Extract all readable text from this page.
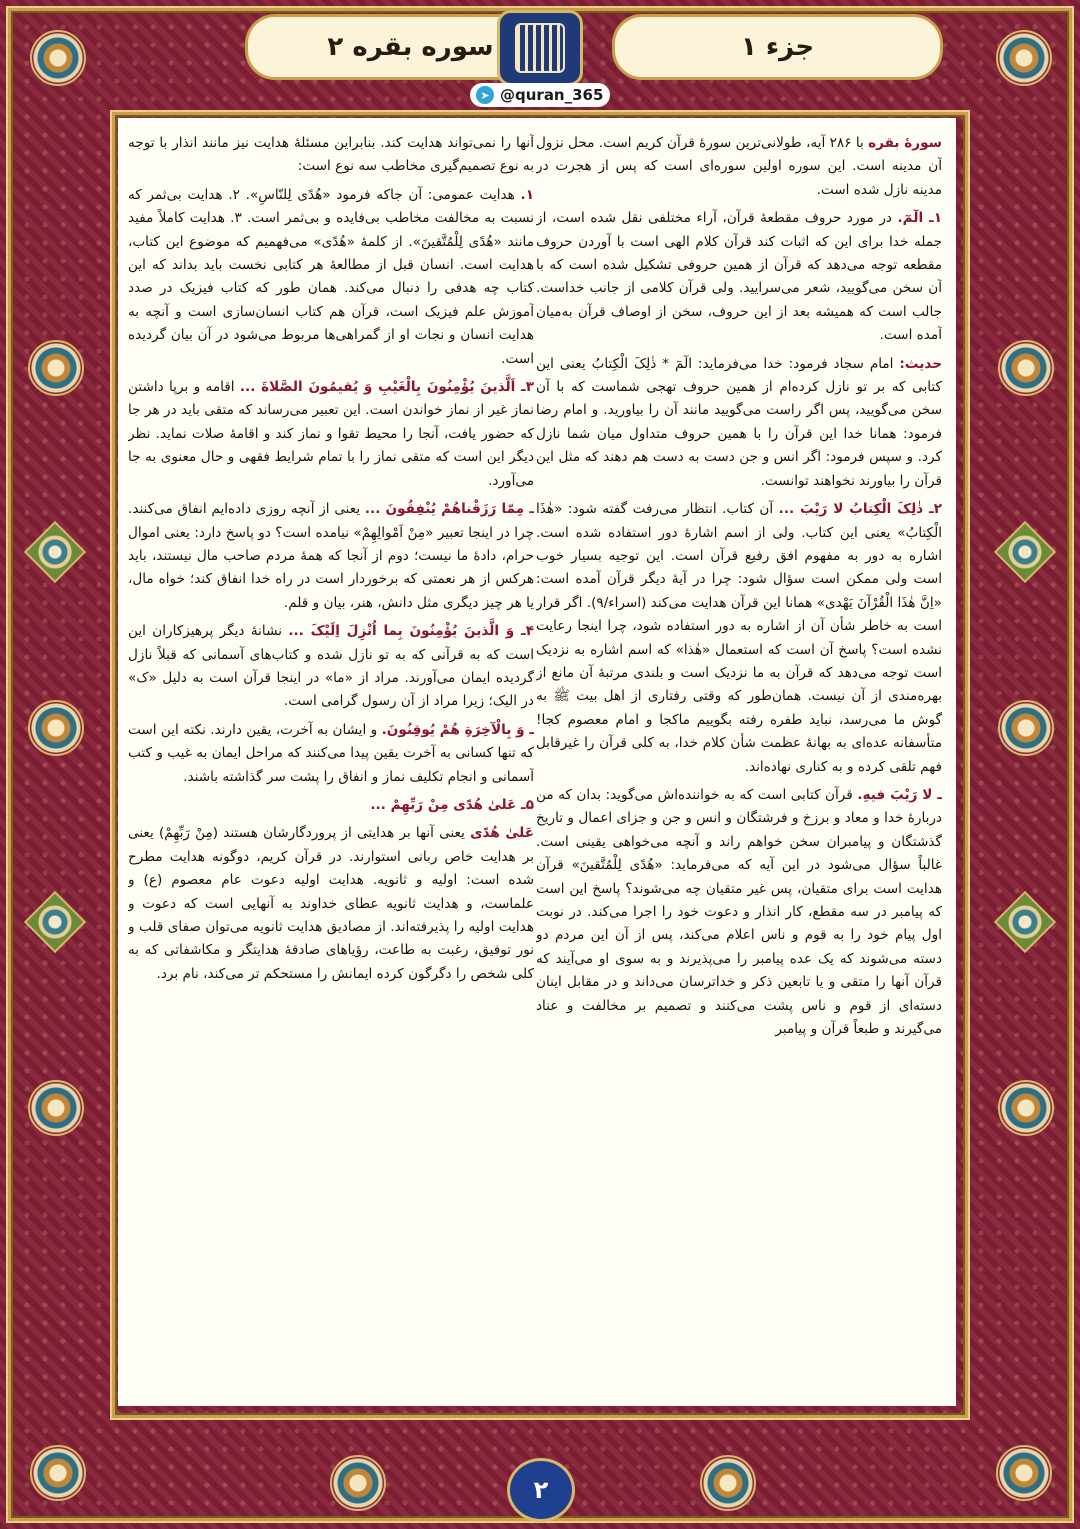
سوره بقره ۲	جزء ۱
➤ @quran_365

سورهٔ بقره با ۲۸۶ آیه، طولانی‌ترین سورهٔ قرآن کریم است. محل نزول آن مدینه است. این سوره اولین سوره‌ای است که پس از هجرت در مدینه نازل شده است.

۱ـ الٓمٓ. در مورد حروف مقطعهٔ قرآن، آراء مختلفی نقل شده است، از جمله خدا برای این که اثبات کند قرآن کلام الهی است با آوردن حروف مقطعه توجه می‌دهد که قرآن از همین حروفی تشکیل شده است که با آن سخن می‌گویید، شعر می‌سرایید. ولی قرآن کلامی از جانب خداست. جالب است که همیشه بعد از این حروف، سخن از اوصاف قرآن به‌میان آمده است.

حدیث: امام سجاد فرمود: خدا می‌فرماید: الٓمٓ * ذٰلِکَ الْکِتابُ یعنی این کتابی که بر تو نازل کرده‌ام از همین حروف تهجی شماست که با آن سخن می‌گویید، پس اگر راست می‌گویید مانند آن را بیاورید. و امام رضا فرمود: همانا خدا این قرآن را با همین حروف متداول میان شما نازل کرد. و سپس فرمود: اگر انس و جن دست به دست هم دهند که مثل این قرآن را بیاورند نخواهند توانست.

۲ـ ذٰلِکَ الْکِتابُ لا رَیْبَ ... آن کتاب. انتظار می‌رفت گفته شود: «هٰذَا الْکِتابُ» یعنی این کتاب. ولی از اسم اشارهٔ دور استفاده شده است. اشاره به دور به مفهوم افق رفیع قرآن است. این توجیه بسیار خوب است ولی ممکن است سؤال شود: چرا در آیهٔ دیگر قرآن آمده است: «اِنَّ هٰذَا الْقُرْآنَ یَهْدی» همانا این قرآن هدایت می‌کند (اسراء/۹). اگر قرار است به خاطر شأن آن از اشاره به دور استفاده شود، چرا اینجا رعایت نشده است؟ پاسخ آن است که استعمال «هٰذا» که اسم اشاره به نزدیک است توجه می‌دهد که قرآن به ما نزدیک است و بلندی مرتبهٔ آن مانع از بهره‌مندی از آن نیست. همان‌طور که وقتی رفتاری از اهل بیت ﷺ به گوش ما می‌رسد، نباید طفره رفته بگوییم ماکجا و امام معصوم کجا! متأسفانه عده‌ای به بهانهٔ عظمت شأن کلام خدا، به کلی قرآن را غیرقابل فهم تلقی کرده و به کناری نهاده‌اند.

ـ لا رَیْبَ فیهِ. قرآن کتابی است که به خواننده‌اش می‌گوید: بدان که من دربارهٔ خدا و معاد و برزخ و فرشتگان و انس و جن و جزای اعمال و تاریخ گذشتگان و پیامبران سخن خواهم راند و آنچه می‌خواهی یقینی است. غالباً سؤال می‌شود در این آیه که می‌فرماید: «هُدًی لِلْمُتَّقینَ» قرآن هدایت است برای متقیان، پس غیر متقیان چه می‌شوند؟ پاسخ این است که پیامبر در سه مقطع، کار انذار و دعوت خود را اجرا می‌کند. در نوبت اول پیام خود را به قوم و ناس اعلام می‌کند، پس از آن این مردم دو دسته می‌شوند که یک عده پیامبر را می‌پذیرند و به سوی او می‌آیند که قرآن آنها را متقی و یا تابعین ذکر و خداترسان می‌داند و در مقابل اینان دسته‌ای از قوم و ناس پشت می‌کنند و تصمیم بر مخالفت و عناد می‌گیرند و طبعاً قرآن و پیامبر

آنها را نمی‌تواند هدایت کند. بنابراین مسئلهٔ هدایت نیز مانند انذار با توجه به نوع تصمیم‌گیری مخاطب سه نوع است:

۱. هدایت عمومی: آن جاکه فرمود «هُدًی لِلنّاسِ». ۲. هدایت بی‌ثمر که نسبت به مخالفت مخاطب بی‌فایده و بی‌ثمر است. ۳. هدایت کاملاً مفید مانند «هُدًی لِلْمُتَّقینَ». از کلمهٔ «هُدًی» می‌فهمیم که موضوع این کتاب، هدایت است. انسان قبل از مطالعهٔ هر کتابی نخست باید بداند که این کتاب چه هدفی را دنبال می‌کند. همان طور که کتاب فیزیک در صدد آموزش علم فیزیک است، قرآن هم کتاب انسان‌سازی است و آنچه به هدایت انسان و نجات او از گمراهی‌ها مربوط می‌شود در آن بیان گردیده است.

۳ـ اَلَّذینَ یُؤْمِنُونَ بِالْغَیْبِ وَ یُقیمُونَ الصَّلاةَ ... اقامه و برپا داشتن نماز غیر از نماز خواندن است. این تعبیر می‌رساند که متقی باید در هر جا که حضور یافت، آنجا را محیط تقوا و نماز کند و اقامهٔ صلات نماید. نظر دیگر این است که متقی نماز را با تمام شرایط فقهی و حال معنوی به جا می‌آورد.

ـ مِمّا رَزَقْناهُمْ یُنْفِقُونَ ... یعنی از آنچه روزی داده‌ایم انفاق می‌کنند. چرا در اینجا تعبیر «مِنْ اَمْوالِهِمْ» نیامده است؟ دو پاسخ دارد: یعنی اموال حرام، دادهٔ ما نیست؛ دوم از آنجا که همهٔ مردم صاحب مال نیستند، باید هرکس از هر نعمتی که برخوردار است در راه خدا انفاق کند؛ خواه مال، یا هر چیز دیگری مثل دانش، هنر، بیان و قلم.

۴ـ وَ الَّذینَ یُؤْمِنُونَ بِما اُنْزِلَ اِلَیْکَ ... نشانهٔ دیگر پرهیزکاران این است که به قرآنی که به تو نازل شده و کتاب‌های آسمانی که قبلاً نازل گردیده ایمان می‌آورند. مراد از «ما» در اینجا قرآن است به دلیل «ک» در الیک؛ زیرا مراد از آن رسول گرامی است.

ـ وَ بِالْآخِرَةِ هُمْ یُوقِنُونَ. و ایشان به آخرت، یقین دارند. نکته این است که تنها کسانی به آخرت یقین پیدا می‌کنند که مراحل ایمان به غیب و کتب آسمانی و انجام تکلیف نماز و انفاق را پشت سر گذاشته باشند.

۵ـ عَلیٰ هُدًی مِنْ رَبِّهِمْ ...

عَلیٰ هُدًی یعنی آنها بر هدایتی از پروردگارشان هستند (مِنْ رَبِّهِمْ) یعنی بر هدایت خاص ربانی استوارند. در قرآن کریم، دوگونه هدایت مطرح شده است: اولیه و ثانویه. هدایت اولیه دعوت عام معصوم (ع) و علماست، و هدایت ثانویه عطای خداوند به آنهایی است که دعوت و هدایت اولیه را پذیرفته‌اند. از مصادیق هدایت ثانویه می‌توان صفای قلب و نور توفیق، رغبت به طاعت، رؤیاهای صادقهٔ هدایتگر و مکاشفاتی که به کلی شخص را دگرگون کرده ایمانش را مستحکم تر می‌کند، نام برد.

۲
